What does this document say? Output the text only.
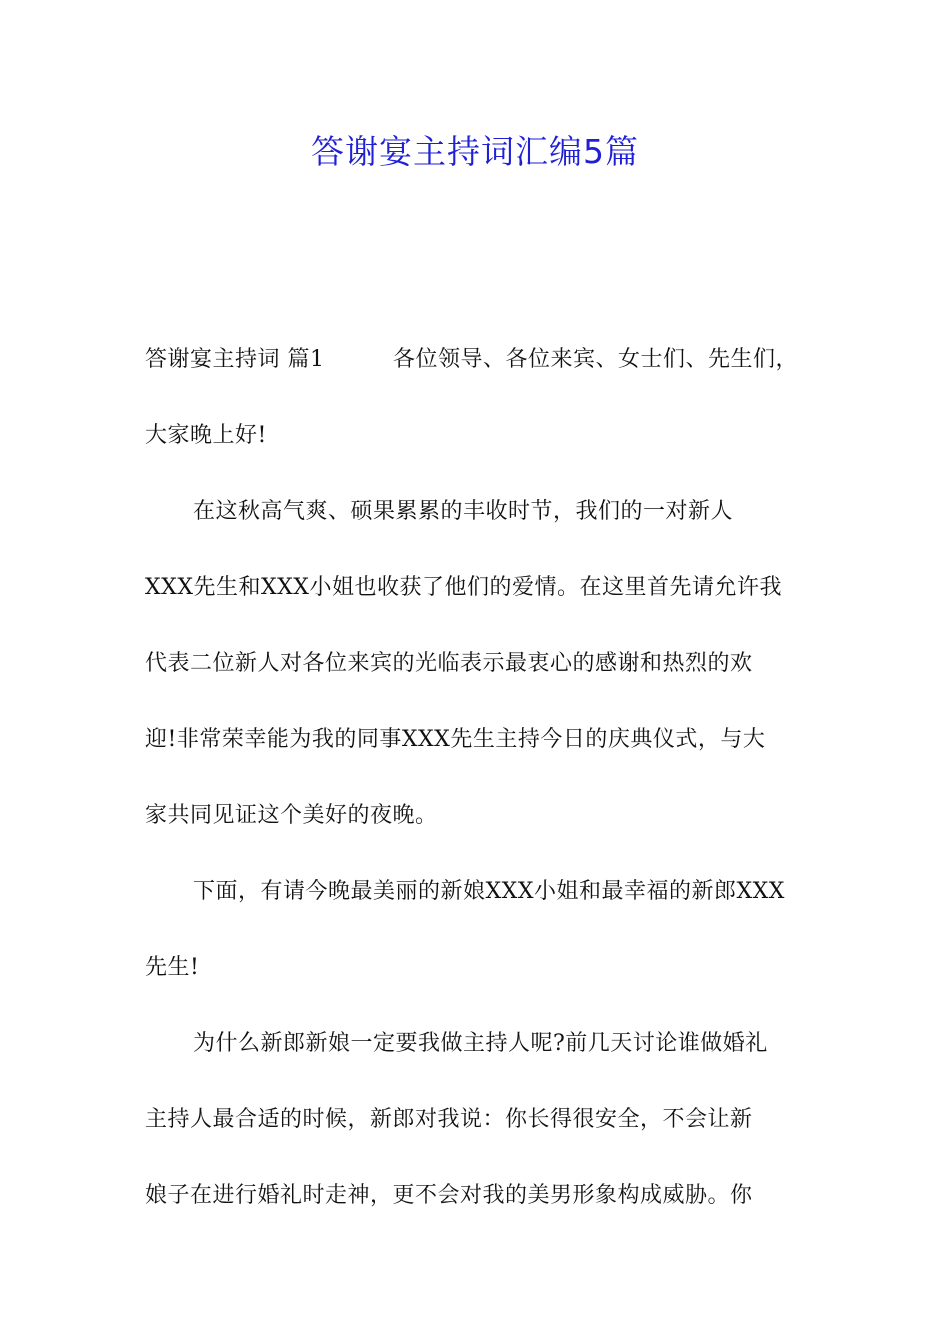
答谢宴主持词汇编5篇
答谢宴主持词 篇1	各位领导、各位来宾、女士们、先生们，
大家晚上好!
在这秋高气爽、硕果累累的丰收时节，我们的一对新人
XXX先生和XXX小姐也收获了他们的爱情。在这里首先请允许我
代表二位新人对各位来宾的光临表示最衷心的感谢和热烈的欢
迎!非常荣幸能为我的同事XXX先生主持今日的庆典仪式，与大
家共同见证这个美好的夜晚。
下面，有请今晚最美丽的新娘XXX小姐和最幸福的新郎XXX
先生!
为什么新郎新娘一定要我做主持人呢?前几天讨论谁做婚礼
主持人最合适的时候，新郎对我说：你长得很安全，不会让新
娘子在进行婚礼时走神，更不会对我的美男形象构成威胁。你
